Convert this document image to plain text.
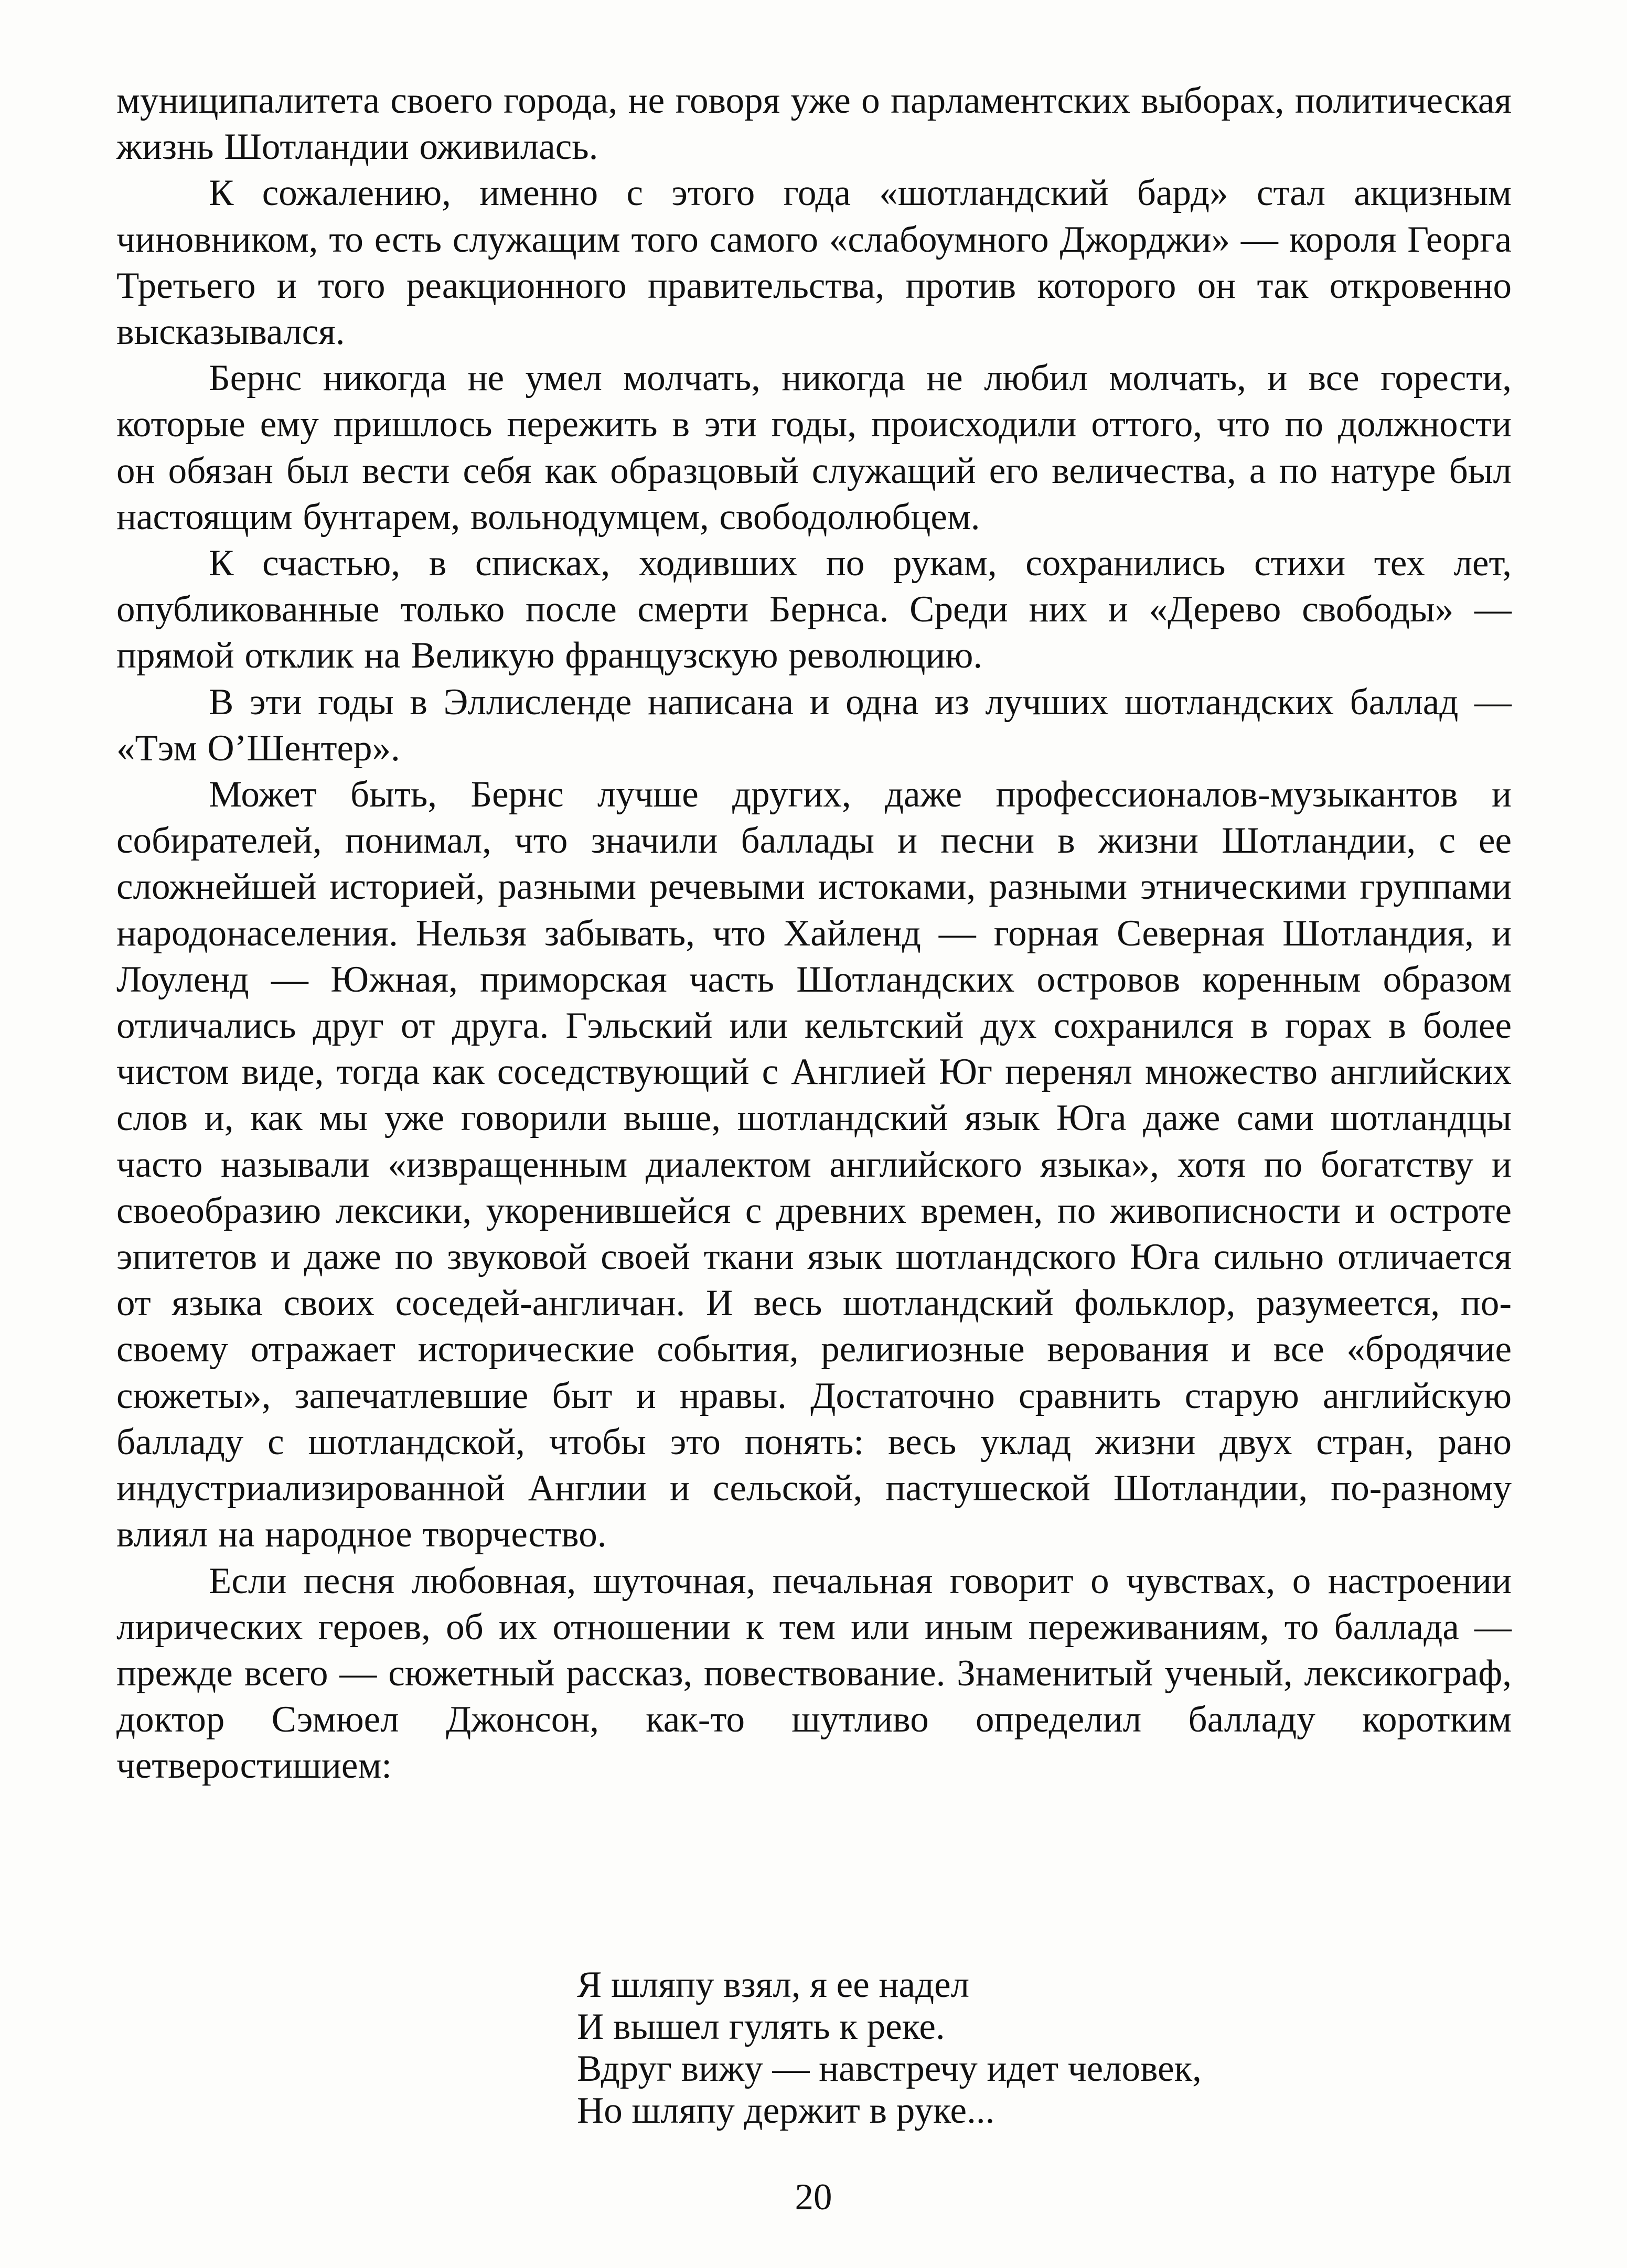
муниципалитета своего города, не говоря уже о парламентских выборах, политическая жизнь Шотландии оживилась.

К сожалению, именно с этого года «шотландский бард» стал акцизным чиновником, то есть служащим того самого «слабоумного Джорджи» — короля Георга Третьего и того реакционного правительства, против которого он так откровенно высказывался.

Бернс никогда не умел молчать, никогда не любил молчать, и все горести, которые ему пришлось пережить в эти годы, происходили оттого, что по должности он обязан был вести себя как образцовый служащий его величества, а по натуре был настоящим бунтарем, вольнодумцем, свободолюбцем.

К счастью, в списках, ходивших по рукам, сохранились стихи тех лет, опубликованные только после смерти Бернса. Среди них и «Дерево свободы» — прямой отклик на Великую французскую революцию.

В эти годы в Эллисленде написана и одна из лучших шотландских баллад — «Тэм О’Шентер».

Может быть, Бернс лучше других, даже профессионалов-музыкантов и собирателей, понимал, что значили баллады и песни в жизни Шотландии, с ее сложнейшей историей, разными речевыми истоками, разными этническими группами народонаселения. Нельзя забывать, что Хайленд — горная Северная Шотландия, и Лоуленд — Южная, приморская часть Шотландских островов коренным образом отличались друг от друга. Гэльский или кельтский дух сохранился в горах в более чистом виде, тогда как соседствующий с Англией Юг перенял множество английских слов и, как мы уже говорили выше, шотландский язык Юга даже сами шотландцы часто называли «извращенным диалектом английского языка», хотя по богатству и своеобразию лексики, укоренившейся с древних времен, по живописности и остроте эпитетов и даже по звуковой своей ткани язык шотландского Юга сильно отличается от языка своих соседей-англичан. И весь шотландский фольклор, разумеется, по-своему отражает исторические события, религиозные верования и все «бродячие сюжеты», запечатлевшие быт и нравы. Достаточно сравнить старую английскую балладу с шотландской, чтобы это понять: весь уклад жизни двух стран, рано индустриализированной Англии и сельской, пастушеской Шотландии, по-разному влиял на народное творчество.

Если песня любовная, шуточная, печальная говорит о чувствах, о настроении лирических героев, об их отношении к тем или иным переживаниям, то баллада — прежде всего — сюжетный рассказ, повествование. Знаменитый ученый, лексикограф, доктор Сэмюел Джонсон, как-то шутливо определил балладу коротким четверостишием:

Я шляпу взял, я ее надел
И вышел гулять к реке.
Вдруг вижу — навстречу идет человек,
Но шляпу держит в руке...
20
